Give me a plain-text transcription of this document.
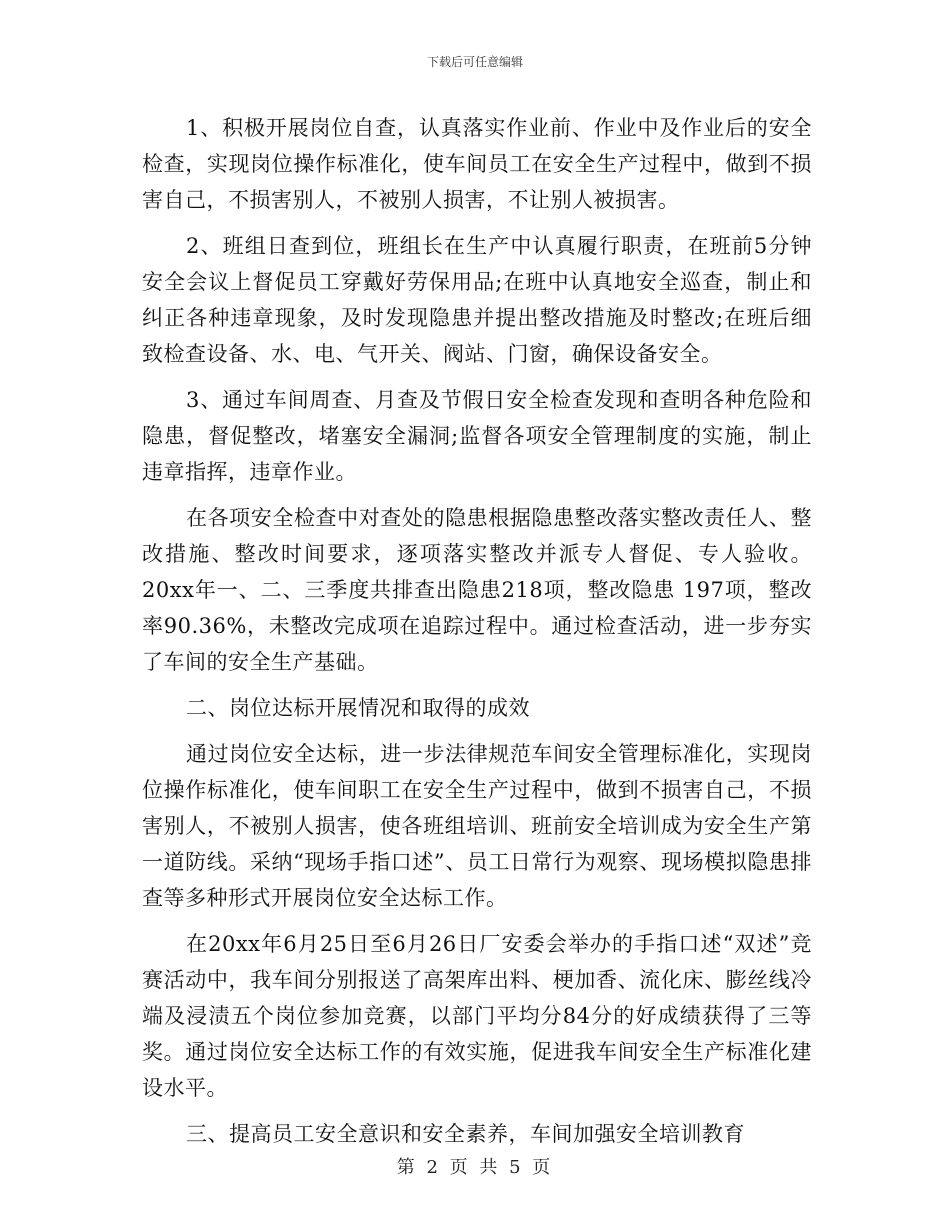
下载后可任意编辑

1、积极开展岗位自查，认真落实作业前、作业中及作业后的安全检查，实现岗位操作标准化，使车间员工在安全生产过程中，做到不损害自己，不损害别人，不被别人损害，不让别人被损害。

2、班组日查到位，班组长在生产中认真履行职责，在班前5分钟安全会议上督促员工穿戴好劳保用品;在班中认真地安全巡查，制止和纠正各种违章现象，及时发现隐患并提出整改措施及时整改;在班后细致检查设备、水、电、气开关、阀站、门窗，确保设备安全。

3、通过车间周查、月查及节假日安全检查发现和查明各种危险和隐患，督促整改，堵塞安全漏洞;监督各项安全管理制度的实施，制止违章指挥，违章作业。

在各项安全检查中对查处的隐患根据隐患整改落实整改责任人、整改措施、整改时间要求，逐项落实整改并派专人督促、专人验收。20xx年一、二、三季度共排查出隐患218项，整改隐患 197项，整改率90.36%，未整改完成项在追踪过程中。通过检查活动，进一步夯实了车间的安全生产基础。

二、岗位达标开展情况和取得的成效

通过岗位安全达标，进一步法律规范车间安全管理标准化，实现岗位操作标准化，使车间职工在安全生产过程中，做到不损害自己，不损害别人，不被别人损害，使各班组培训、班前安全培训成为安全生产第一道防线。采纳“现场手指口述”、员工日常行为观察、现场模拟隐患排查等多种形式开展岗位安全达标工作。

在20xx年6月25日至6月26日厂安委会举办的手指口述“双述”竞赛活动中，我车间分别报送了高架库出料、梗加香、流化床、膨丝线冷端及浸渍五个岗位参加竞赛，以部门平均分84分的好成绩获得了三等奖。通过岗位安全达标工作的有效实施，促进我车间安全生产标准化建设水平。

三、提高员工安全意识和安全素养，车间加强安全培训教育

第 2 页 共 5 页
